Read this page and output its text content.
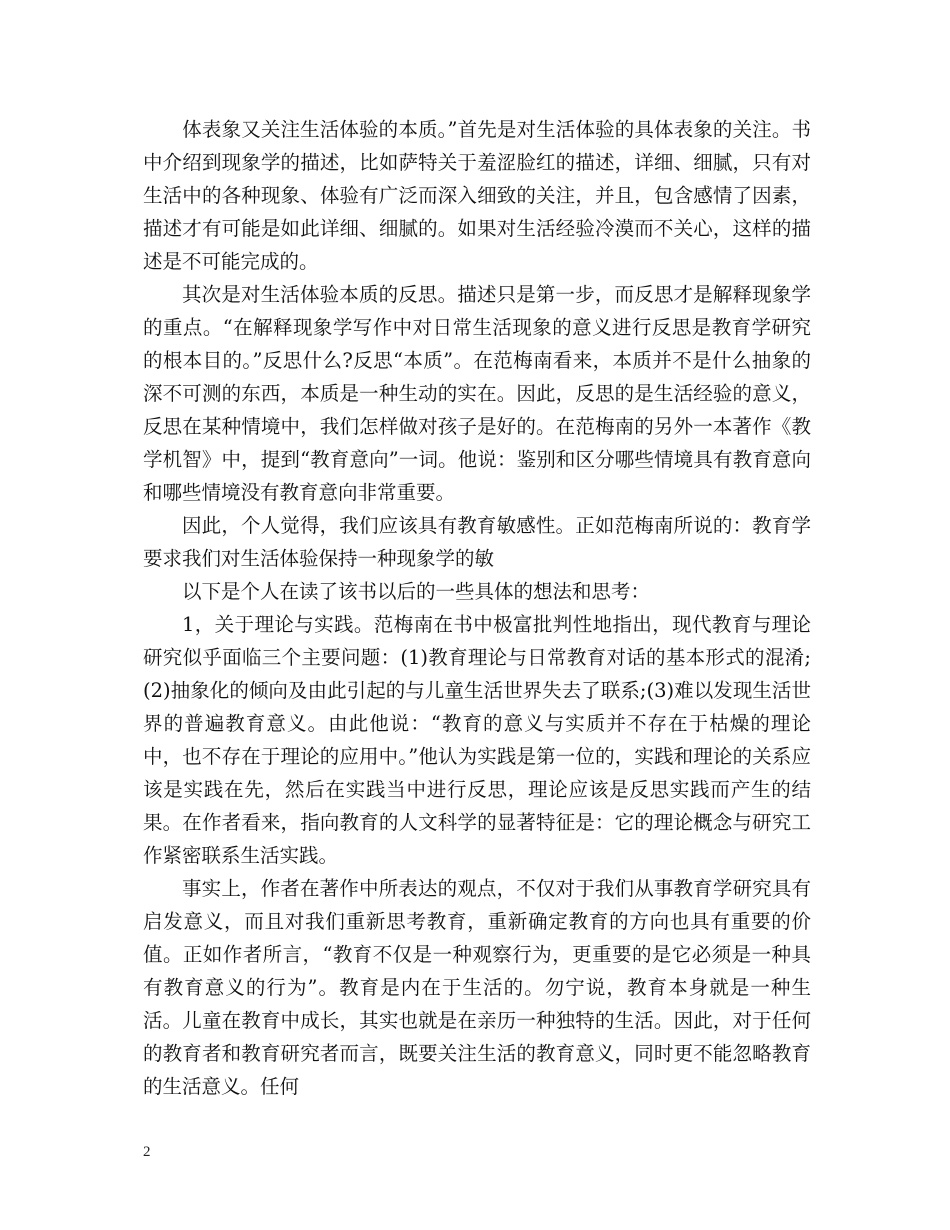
　　体表象又关注生活体验的本质。”首先是对生活体验的具体表象的关注。书中介绍到现象学的描述，比如萨特关于羞涩脸红的描述，详细、细腻，只有对生活中的各种现象、体验有广泛而深入细致的关注，并且，包含感情了因素，描述才有可能是如此详细、细腻的。如果对生活经验冷漠而不关心，这样的描述是不可能完成的。

其次是对生活体验本质的反思。描述只是第一步，而反思才是解释现象学的重点。“在解释现象学写作中对日常生活现象的意义进行反思是教育学研究的根本目的。”反思什么?反思“本质”。在范梅南看来，本质并不是什么抽象的深不可测的东西，本质是一种生动的实在。因此，反思的是生活经验的意义，反思在某种情境中，我们怎样做对孩子是好的。在范梅南的另外一本著作《教学机智》中，提到“教育意向”一词。他说：鉴别和区分哪些情境具有教育意向和哪些情境没有教育意向非常重要。

因此，个人觉得，我们应该具有教育敏感性。正如范梅南所说的：教育学要求我们对生活体验保持一种现象学的敏

以下是个人在读了该书以后的一些具体的想法和思考：

1，关于理论与实践。范梅南在书中极富批判性地指出，现代教育与理论研究似乎面临三个主要问题：(1)教育理论与日常教育对话的基本形式的混淆;(2)抽象化的倾向及由此引起的与儿童生活世界失去了联系;(3)难以发现生活世界的普遍教育意义。由此他说：“教育的意义与实质并不存在于枯燥的理论中，也不存在于理论的应用中。”他认为实践是第一位的，实践和理论的关系应该是实践在先，然后在实践当中进行反思，理论应该是反思实践而产生的结果。在作者看来，指向教育的人文科学的显著特征是：它的理论概念与研究工作紧密联系生活实践。

事实上，作者在著作中所表达的观点，不仅对于我们从事教育学研究具有启发意义，而且对我们重新思考教育，重新确定教育的方向也具有重要的价值。正如作者所言，“教育不仅是一种观察行为，更重要的是它必须是一种具有教育意义的行为”。教育是内在于生活的。勿宁说，教育本身就是一种生活。儿童在教育中成长，其实也就是在亲历一种独特的生活。因此，对于任何的教育者和教育研究者而言，既要关注生活的教育意义，同时更不能忽略教育的生活意义。任何

2
